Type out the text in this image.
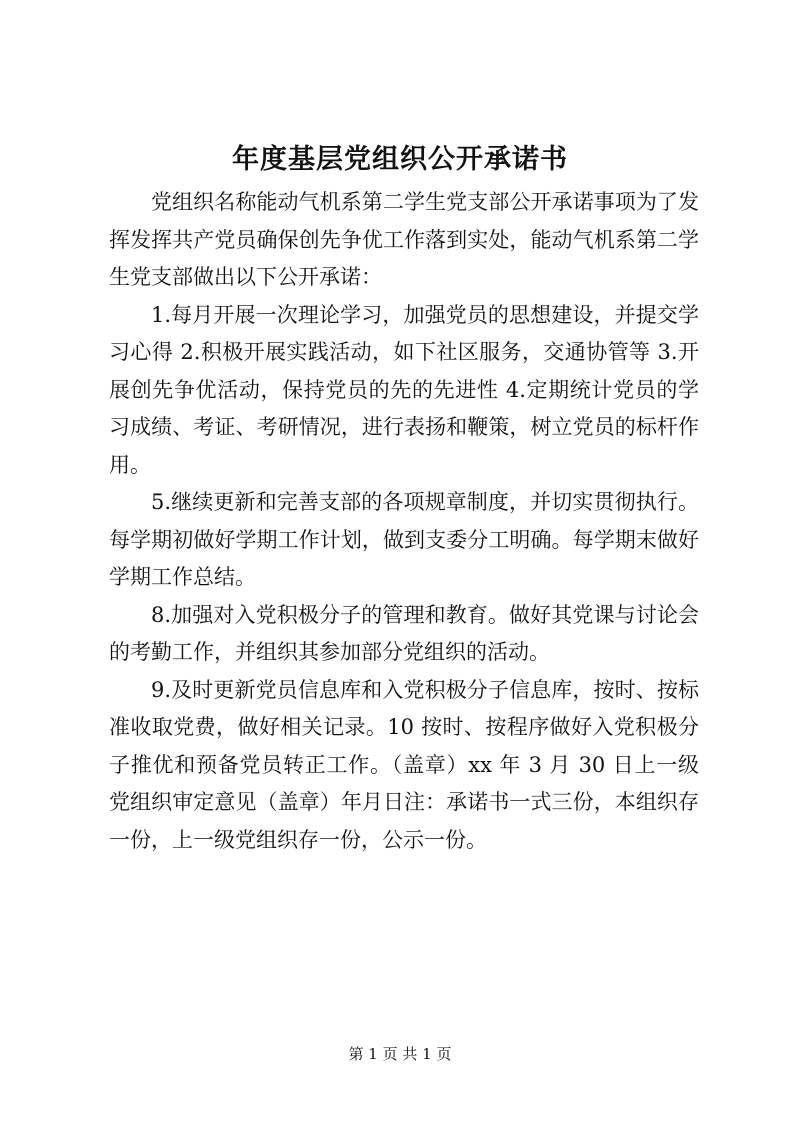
年度基层党组织公开承诺书

党组织名称能动气机系第二学生党支部公开承诺事项为了发挥发挥共产党员确保创先争优工作落到实处，能动气机系第二学生党支部做出以下公开承诺：

1.每月开展一次理论学习，加强党员的思想建设，并提交学习心得 2.积极开展实践活动，如下社区服务，交通协管等 3.开展创先争优活动，保持党员的先的先进性 4.定期统计党员的学习成绩、考证、考研情况，进行表扬和鞭策，树立党员的标杆作用。

5.继续更新和完善支部的各项规章制度，并切实贯彻执行。每学期初做好学期工作计划，做到支委分工明确。每学期末做好学期工作总结。

8.加强对入党积极分子的管理和教育。做好其党课与讨论会的考勤工作，并组织其参加部分党组织的活动。

9.及时更新党员信息库和入党积极分子信息库，按时、按标准收取党费，做好相关记录。10 按时、按程序做好入党积极分子推优和预备党员转正工作。（盖章）xx 年 3 月 30 日上一级党组织审定意见（盖章）年月日注：承诺书一式三份，本组织存一份，上一级党组织存一份，公示一份。

第 1 页 共 1 页
